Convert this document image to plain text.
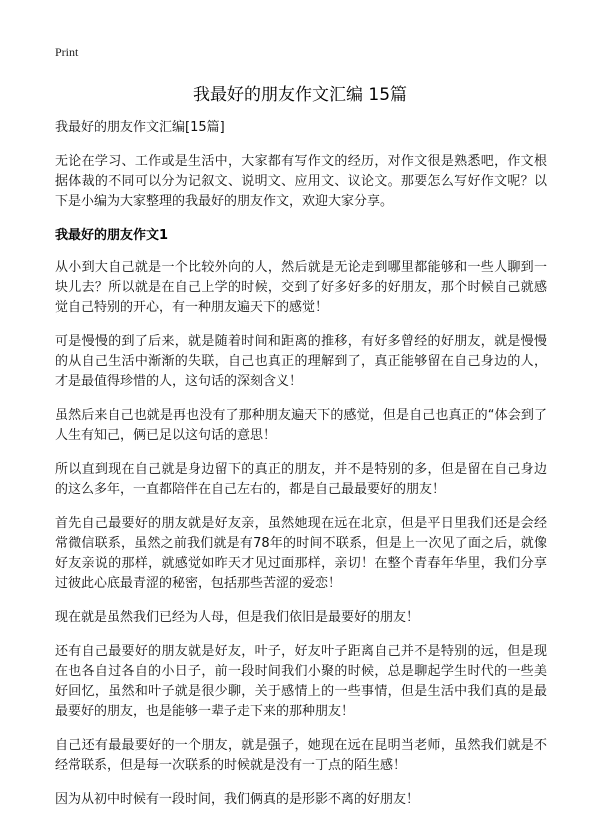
Print
我最好的朋友作文汇编 15篇

我最好的朋友作文汇编[15篇]

无论在学习、工作或是生活中，大家都有写作文的经历，对作文很是熟悉吧，作文根据体裁的不同可以分为记叙文、说明文、应用文、议论文。那要怎么写好作文呢？以下是小编为大家整理的我最好的朋友作文，欢迎大家分享。

我最好的朋友作文1

从小到大自己就是一个比较外向的人，然后就是无论走到哪里都能够和一些人聊到一块儿去？所以就是在自己上学的时候，交到了好多好多的好朋友，那个时候自己就感觉自己特别的开心，有一种朋友遍天下的感觉！

可是慢慢的到了后来，就是随着时间和距离的推移，有好多曾经的好朋友，就是慢慢的从自己生活中渐渐的失联，自己也真正的理解到了，真正能够留在自己身边的人，才是最值得珍惜的人，这句话的深刻含义！

虽然后来自己也就是再也没有了那种朋友遍天下的感觉，但是自己也真正的“体会到了人生有知己，俩已足以这句话的意思！

所以直到现在自己就是身边留下的真正的朋友，并不是特别的多，但是留在自己身边的这么多年，一直都陪伴在自己左右的，都是自己最最要好的朋友！

首先自己最要好的朋友就是好友亲，虽然她现在远在北京，但是平日里我们还是会经常微信联系，虽然之前我们就是有78年的时间不联系，但是上一次见了面之后，就像好友亲说的那样，就感觉如昨天才见过面那样，亲切！在整个青春年华里，我们分享过彼此心底最青涩的秘密，包括那些苦涩的爱恋！

现在就是虽然我们已经为人母，但是我们依旧是最要好的朋友！

还有自己最要好的朋友就是好友，叶子，好友叶子距离自己并不是特别的远，但是现在也各自过各自的小日子，前一段时间我们小聚的时候，总是聊起学生时代的一些美好回忆，虽然和叶子就是很少聊，关于感情上的一些事情，但是生活中我们真的是最最要好的朋友，也是能够一辈子走下来的那种朋友！

自己还有最最要好的一个朋友，就是强子，她现在远在昆明当老师，虽然我们就是不经常联系，但是每一次联系的时候就是没有一丁点的陌生感！

因为从初中时候有一段时间，我们俩真的是形影不离的好朋友！
